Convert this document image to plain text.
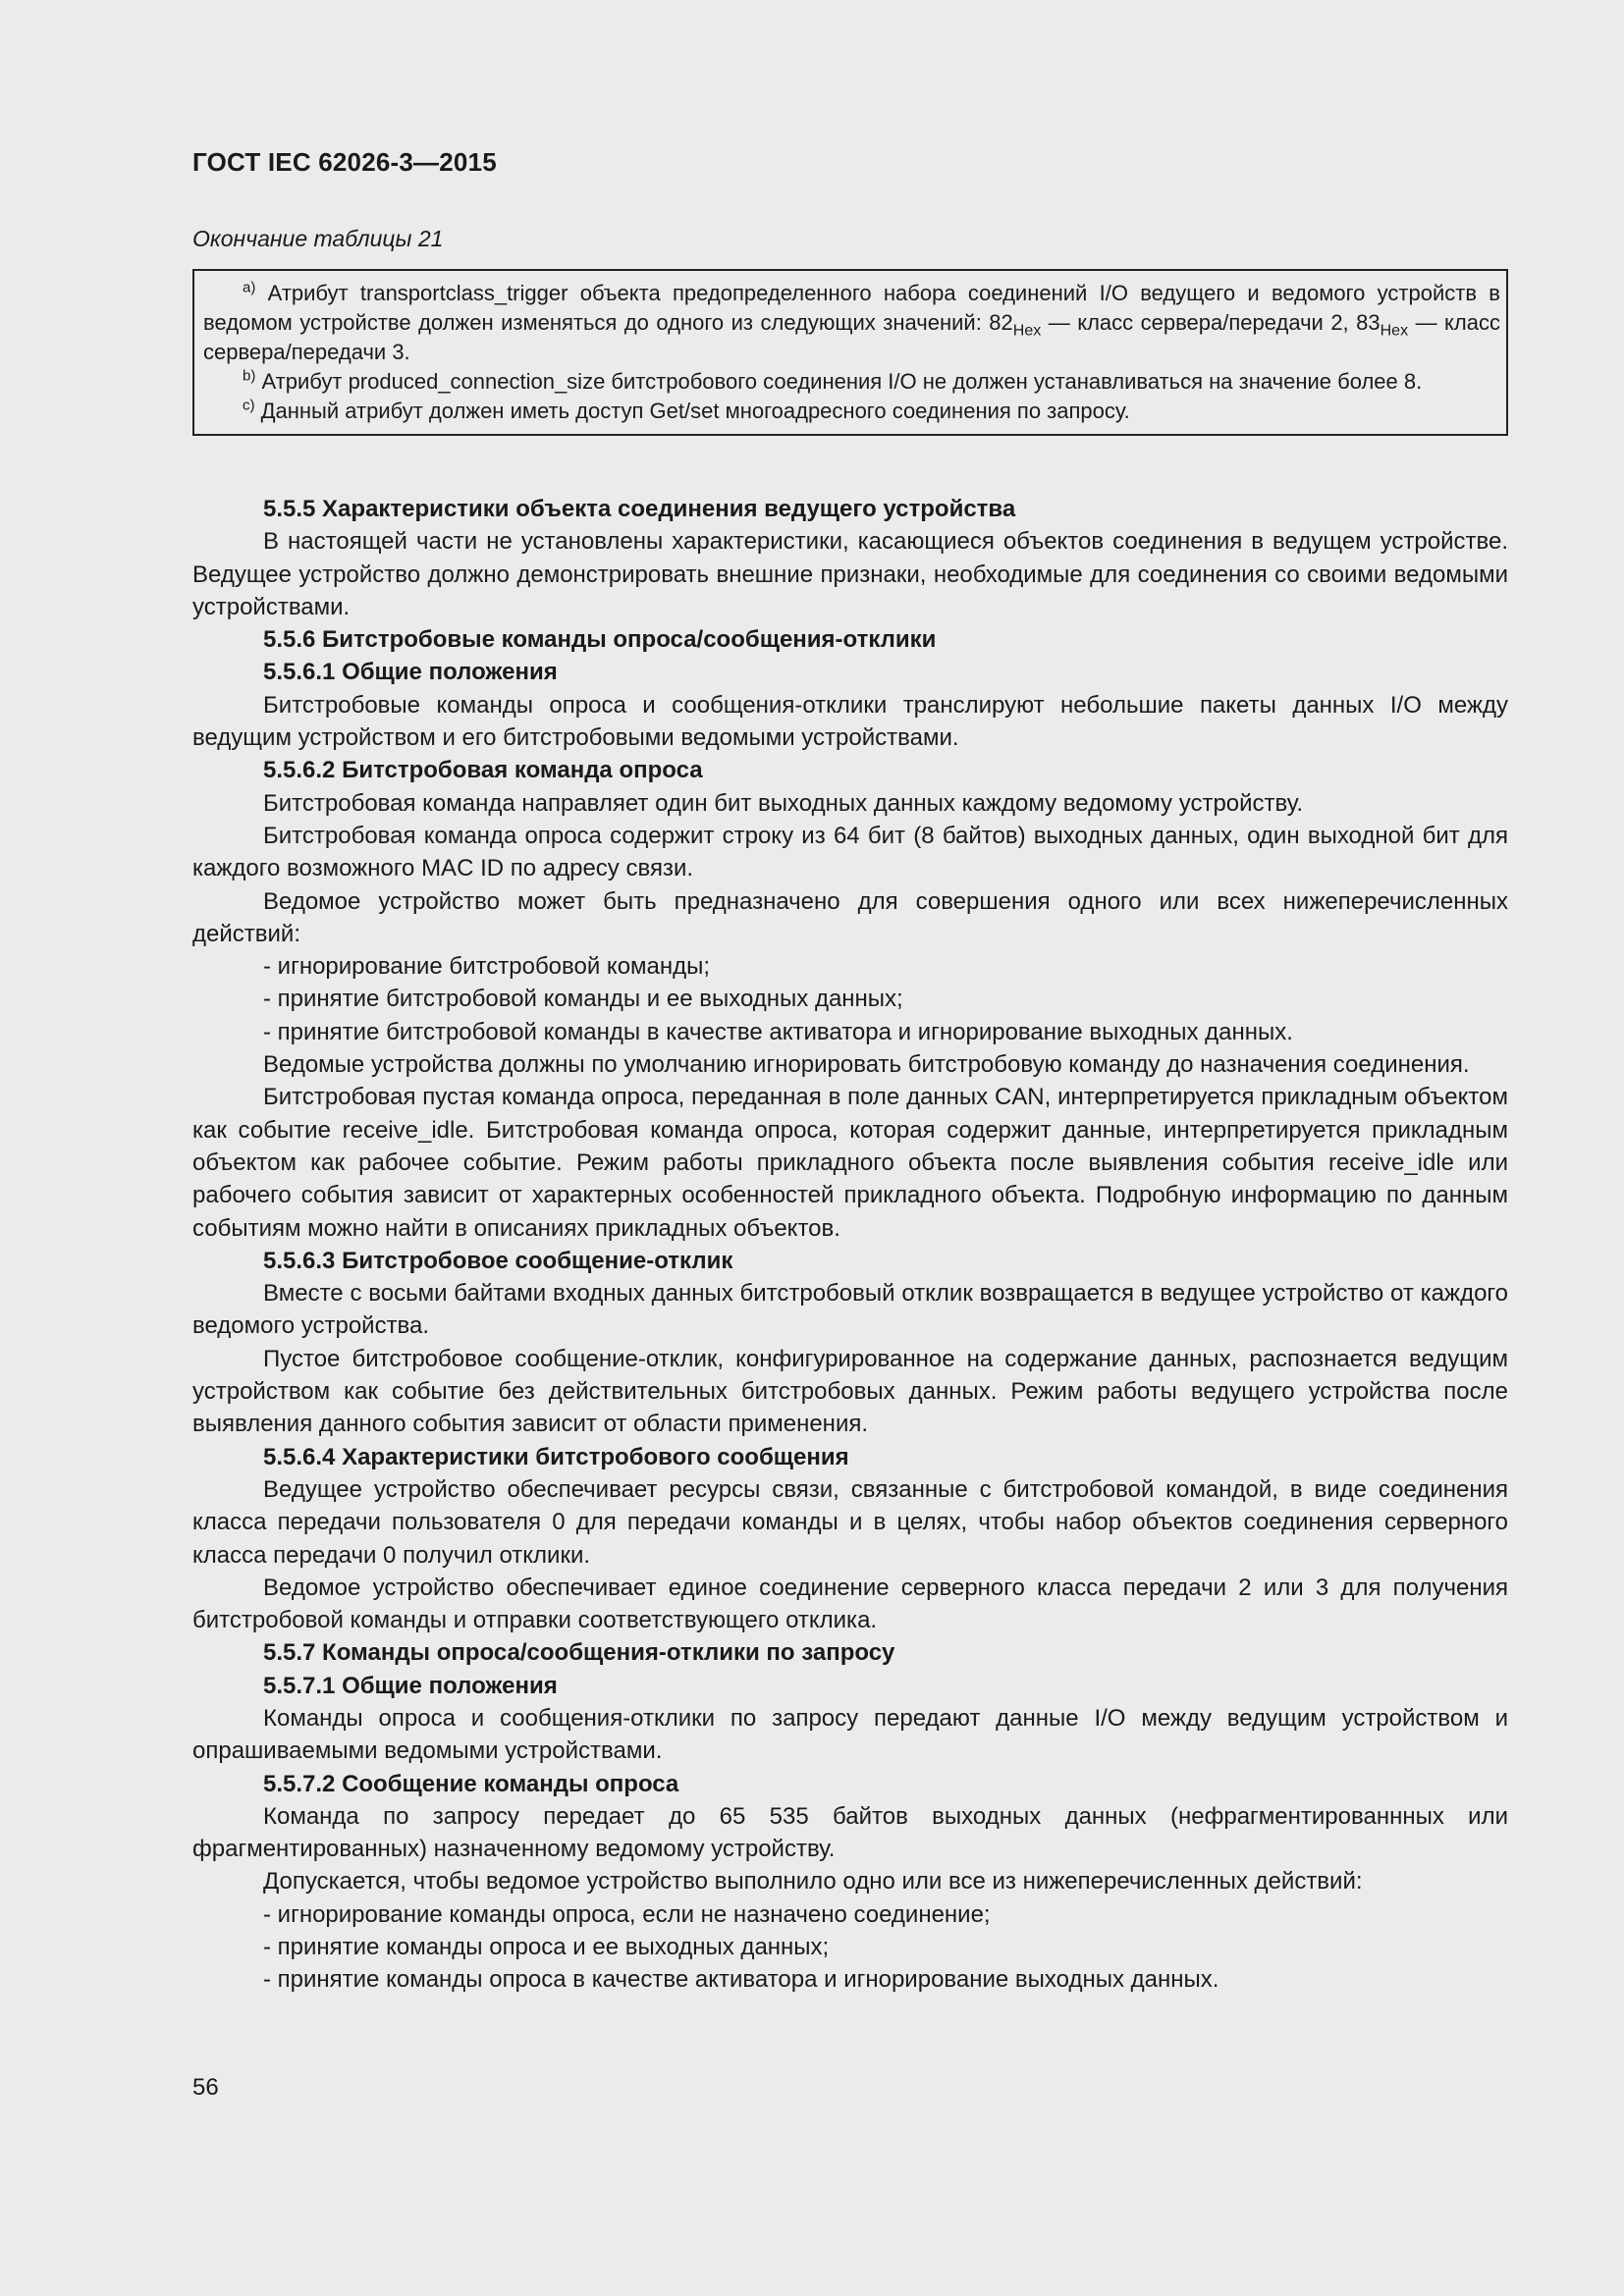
ГОСТ IEC 62026-3—2015
Окончание таблицы 21

$^{a)}$ Атрибут transportclass_trigger объекта предопределенного набора соединений I/O ведущего и ведомого устройств в ведомом устройстве должен изменяться до одного из следующих значений: $82_{Hex}$ — класс сервера/передачи 2, $83_{Hex}$ — класс сервера/передачи 3.

$^{b)}$ Атрибут produced_connection_size битстробового соединения I/O не должен устанавливаться на значение более 8.

$^{c)}$ Данный атрибут должен иметь доступ Get/set многоадресного соединения по запросу.

5.5.5 Характеристики объекта соединения ведущего устройства

В настоящей части не установлены характеристики, касающиеся объектов соединения в ведущем устройстве. Ведущее устройство должно демонстрировать внешние признаки, необходимые для соединения со своими ведомыми устройствами.

5.5.6 Битстробовые команды опроса/сообщения-отклики

5.5.6.1 Общие положения

Битстробовые команды опроса и сообщения-отклики транслируют небольшие пакеты данных I/O между ведущим устройством и его битстробовыми ведомыми устройствами.

5.5.6.2 Битстробовая команда опроса

Битстробовая команда направляет один бит выходных данных каждому ведомому устройству.

Битстробовая команда опроса содержит строку из 64 бит (8 байтов) выходных данных, один выходной бит для каждого возможного MAC ID по адресу связи.

Ведомое устройство может быть предназначено для совершения одного или всех нижеперечисленных действий:

- игнорирование битстробовой команды;

- принятие битстробовой команды и ее выходных данных;

- принятие битстробовой команды в качестве активатора и игнорирование выходных данных.

Ведомые устройства должны по умолчанию игнорировать битстробовую команду до назначения соединения.

Битстробовая пустая команда опроса, переданная в поле данных CAN, интерпретируется прикладным объектом как событие receive_idle. Битстробовая команда опроса, которая содержит данные, интерпретируется прикладным объектом как рабочее событие. Режим работы прикладного объекта после выявления события receive_idle или рабочего события зависит от характерных особенностей прикладного объекта. Подробную информацию по данным событиям можно найти в описаниях прикладных объектов.

5.5.6.3 Битстробовое сообщение-отклик

Вместе с восьми байтами входных данных битстробовый отклик возвращается в ведущее устройство от каждого ведомого устройства.

Пустое битстробовое сообщение-отклик, конфигурированное на содержание данных, распознается ведущим устройством как событие без действительных битстробовых данных. Режим работы ведущего устройства после выявления данного события зависит от области применения.

5.5.6.4 Характеристики битстробового сообщения

Ведущее устройство обеспечивает ресурсы связи, связанные с битстробовой командой, в виде соединения класса передачи пользователя 0 для передачи команды и в целях, чтобы набор объектов соединения серверного класса передачи 0 получил отклики.

Ведомое устройство обеспечивает единое соединение серверного класса передачи 2 или 3 для получения битстробовой команды и отправки соответствующего отклика.

5.5.7 Команды опроса/сообщения-отклики по запросу

5.5.7.1 Общие положения

Команды опроса и сообщения-отклики по запросу передают данные I/O между ведущим устройством и опрашиваемыми ведомыми устройствами.

5.5.7.2 Сообщение команды опроса

Команда по запросу передает до 65 535 байтов выходных данных (нефрагментированнных или фрагментированных) назначенному ведомому устройству.

Допускается, чтобы ведомое устройство выполнило одно или все из нижеперечисленных действий:

- игнорирование команды опроса, если не назначено соединение;

- принятие команды опроса и ее выходных данных;

- принятие команды опроса в качестве активатора и игнорирование выходных данных.

56
